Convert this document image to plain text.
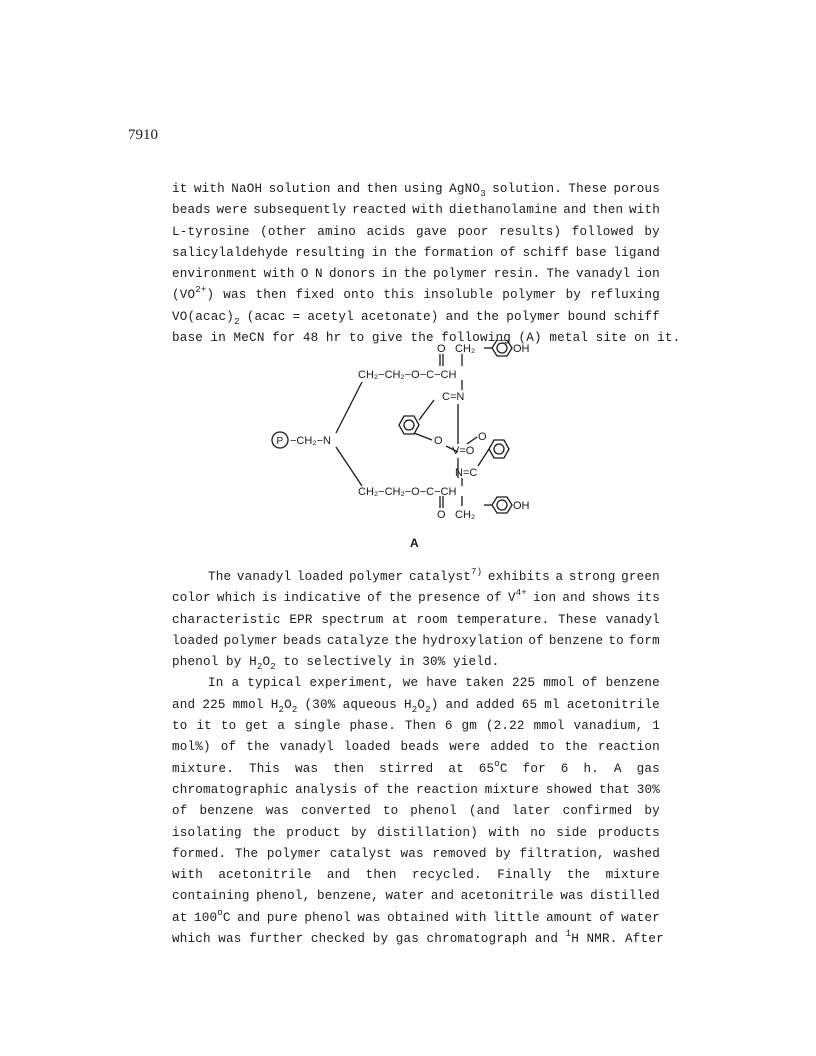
7910
it with NaOH solution and then using AgNO$_3$ solution. These porous
beads were subsequently reacted with diethanolamine and then with
L-tyrosine (other amino acids gave poor results) followed by
salicylaldehyde resulting in the formation of schiff base ligand
environment with O N donors in the polymer resin. The vanadyl ion
$(VO^{2+})$ was then fixed onto this insoluble polymer by refluxing
$VO(acac)_2$ (acac = acetyl acetonate) and the polymer bound schiff
base in MeCN for 48 hr to give the following (A) metal site on it.
P −CH₂−N
CH₂−CH₂−O−C−CH
O CH₂	OH
C=N
O
V=O
O
N=C
CH₂−CH₂−O−C−CH
O CH₂
OH
A
The vanadyl loaded polymer catalyst$^{7)}$ exhibits a strong green
color which is indicative of the presence of $V^{4+}$ ion and shows its
characteristic EPR spectrum at room temperature. These vanadyl
loaded polymer beads catalyze the hydroxylation of benzene to form
phenol by $H_2O_2$ to selectively in 30% yield.
In a typical experiment, we have taken 225 mmol of benzene
and 225 mmol $H_2O_2$ (30% aqueous $H_2O_2$) and added 65 ml acetonitrile
to it to get a single phase. Then 6 gm (2.22 mmol vanadium, 1
mol%) of the vanadyl loaded beads were added to the reaction
mixture. This was then stirred at 65$^o$C for 6 h. A gas
chromatographic analysis of the reaction mixture showed that 30%
of benzene was converted to phenol (and later confirmed by
isolating the product by distillation) with no side products
formed. The polymer catalyst was removed by filtration, washed
with acetonitrile and then recycled. Finally the mixture
containing phenol, benzene, water and acetonitrile was distilled
at 100$^o$C and pure phenol was obtained with little amount of water
which was further checked by gas chromatograph and $^1$H NMR. After
